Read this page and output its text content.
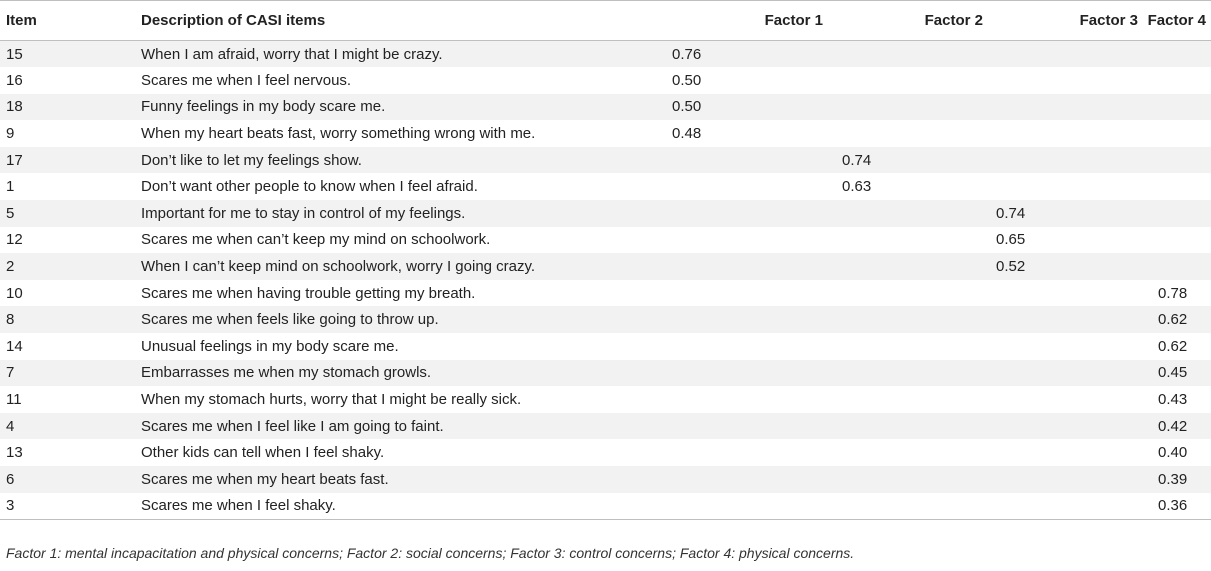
Item	Description of CASI items	Factor 1	Factor 2	Factor 3	Factor 4
15	When I am afraid, worry that I might be crazy.	0.76			
16	Scares me when I feel nervous.	0.50			
18	Funny feelings in my body scare me.	0.50			
9	When my heart beats fast, worry something wrong with me.	0.48			
17	Don’t like to let my feelings show.		0.74		
1	Don’t want other people to know when I feel afraid.		0.63		
5	Important for me to stay in control of my feelings.			0.74	
12	Scares me when can’t keep my mind on schoolwork.			0.65	
2	When I can’t keep mind on schoolwork, worry I going crazy.			0.52	
10	Scares me when having trouble getting my breath.				0.78
8	Scares me when feels like going to throw up.				0.62
14	Unusual feelings in my body scare me.				0.62
7	Embarrasses me when my stomach growls.				0.45
11	When my stomach hurts, worry that I might be really sick.				0.43
4	Scares me when I feel like I am going to faint.				0.42
13	Other kids can tell when I feel shaky.				0.40
6	Scares me when my heart beats fast.				0.39
3	Scares me when I feel shaky.				0.36
Factor 1: mental incapacitation and physical concerns; Factor 2: social concerns; Factor 3: control concerns; Factor 4: physical concerns.
